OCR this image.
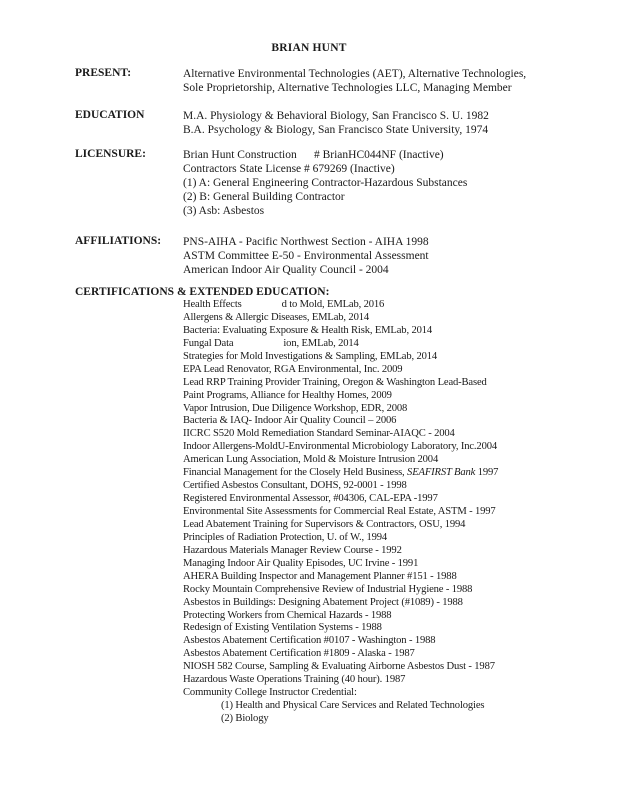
BRIAN HUNT
PRESENT:	Alternative Environmental Technologies (AET), Alternative Technologies,
Sole Proprietorship, Alternative Technologies LLC, Managing Member
EDUCATION	M.A. Physiology & Behavioral Biology, San Francisco S. U. 1982
B.A. Psychology & Biology, San Francisco State University, 1974
LICENSURE:	Brian Hunt Construction      # BrianHC044NF (Inactive)
Contractors State License # 679269 (Inactive)
(1) A: General Engineering Contractor-Hazardous Substances
(2) B: General Building Contractor
(3) Asb: Asbestos
AFFILIATIONS: PNS-AIHA - Pacific Northwest Section - AIHA 1998
ASTM Committee E-50 - Environmental Assessment
American Indoor Air Quality Council - 2004
CERTIFICATIONS & EXTENDED EDUCATION:
Health Effects                d to Mold, EMLab, 2016
Allergens & Allergic Diseases, EMLab, 2014
Bacteria: Evaluating Exposure & Health Risk, EMLab, 2014
Fungal Data                    ion, EMLab, 2014
Strategies for Mold Investigations & Sampling, EMLab, 2014
EPA Lead Renovator, RGA Environmental, Inc. 2009
Lead RRP Training Provider Training, Oregon & Washington Lead-Based
Paint Programs, Alliance for Healthy Homes, 2009
Vapor Intrusion, Due Diligence Workshop, EDR, 2008
Bacteria & IAQ- Indoor Air Quality Council – 2006
IICRC S520 Mold Remediation Standard Seminar-AIAQC - 2004
Indoor Allergens-MoldU-Environmental Microbiology Laboratory, Inc.2004
American Lung Association, Mold & Moisture Intrusion 2004
Financial Management for the Closely Held Business, SEAFIRST Bank 1997
Certified Asbestos Consultant, DOHS, 92-0001 - 1998
Registered Environmental Assessor, #04306, CAL-EPA -1997
Environmental Site Assessments for Commercial Real Estate, ASTM - 1997
Lead Abatement Training for Supervisors & Contractors, OSU, 1994
Principles of Radiation Protection, U. of W., 1994
Hazardous Materials Manager Review Course - 1992
Managing Indoor Air Quality Episodes, UC Irvine - 1991
AHERA Building Inspector and Management Planner #151 - 1988
Rocky Mountain Comprehensive Review of Industrial Hygiene - 1988
Asbestos in Buildings: Designing Abatement Project (#1089) - 1988
Protecting Workers from Chemical Hazards - 1988
Redesign of Existing Ventilation Systems - 1988
Asbestos Abatement Certification #0107 - Washington - 1988
Asbestos Abatement Certification #1809 - Alaska - 1987
NIOSH 582 Course, Sampling & Evaluating Airborne Asbestos Dust - 1987
Hazardous Waste Operations Training (40 hour). 1987
Community College Instructor Credential:
(1) Health and Physical Care Services and Related Technologies
(2) Biology
